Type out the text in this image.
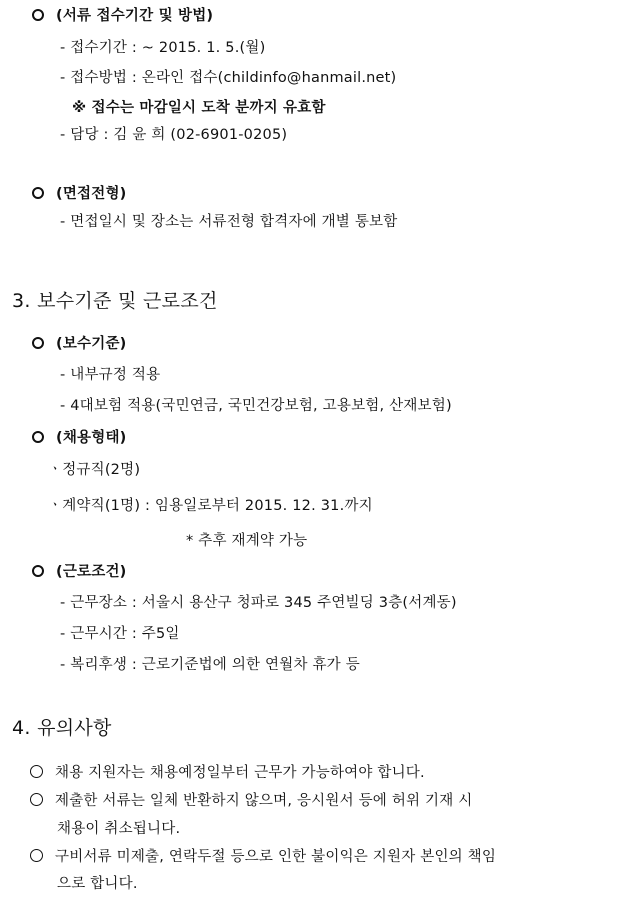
(서류 접수기간 및 방법)
- 접수기간 : ~ 2015. 1. 5.(월)
- 접수방법 : 온라인 접수(childinfo@hanmail.net)
※ 접수는 마감일시 도착 분까지 유효함
- 담당 : 김 윤 희 (02-6901-0205)
(면접전형)
- 면접일시 및 장소는 서류전형 합격자에 개별 통보함
3. 보수기준 및 근로조건
(보수기준)
- 내부규정 적용
- 4대보험 적용(국민연금, 국민건강보험, 고용보험, 산재보험)
(채용형태)
ㆍ정규직(2명)
ㆍ계약직(1명) : 임용일로부터 2015. 12. 31.까지
* 추후 재계약 가능
(근로조건)
- 근무장소 : 서울시 용산구 청파로 345 주연빌딩 3층(서계동)
- 근무시간 : 주5일
- 복리후생 : 근로기준법에 의한 연월차 휴가 등
4. 유의사항
채용 지원자는 채용예정일부터 근무가 가능하여야 합니다.
제출한 서류는 일체 반환하지 않으며, 응시원서 등에 허위 기재 시
채용이 취소됩니다.
구비서류 미제출, 연락두절 등으로 인한 불이익은 지원자 본인의 책임
으로 합니다.
